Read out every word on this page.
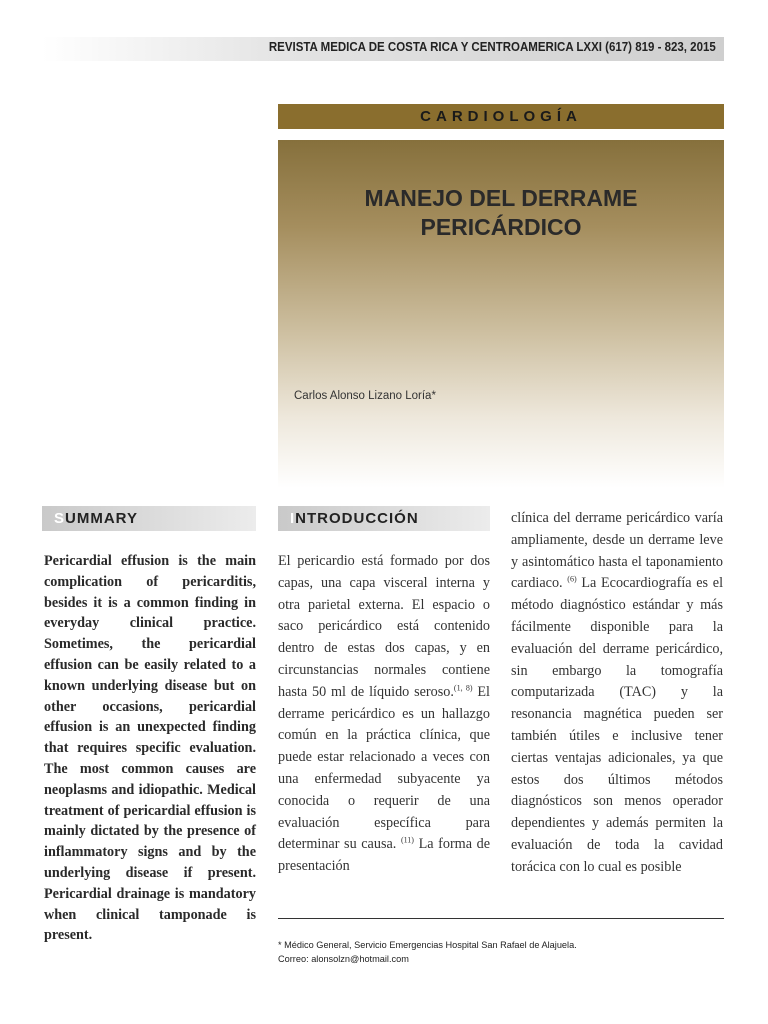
REVISTA MEDICA DE COSTA RICA Y CENTROAMERICA LXXI (617) 819 - 823, 2015
CARDIOLOGÍA
MANEJO DEL DERRAME
PERICÁRDICO
Carlos Alonso Lizano Loría*
SUMMARY
Pericardial effusion is the main complication of pericarditis, besides it is a common finding in everyday clinical practice. Sometimes, the pericardial effusion can be easily related to a known underlying disease but on other occasions, pericardial effusion is an unexpected finding that requires specific evaluation. The most common causes are neoplasms and idiopathic. Medical treatment of pericardial effusion is mainly dictated by the presence of inflammatory signs and by the underlying disease if present. Pericardial drainage is mandatory when clinical tamponade is present.
INTRODUCCIÓN
El pericardio está formado por dos capas, una capa visceral interna y otra parietal externa. El espacio o saco pericárdico está contenido dentro de estas dos capas, y en circunstancias normales contiene hasta 50 ml de líquido seroso.$^{(1, 8)}$ El derrame pericárdico es un hallazgo común en la práctica clínica, que puede estar relacionado a veces con una enfermedad subyacente ya conocida o requerir de una evaluación específica para determinar su causa. $^{(11)}$ La forma de presentación
clínica del derrame pericárdico varía ampliamente, desde un derrame leve y asintomático hasta el taponamiento cardiaco. $^{(6)}$ La Ecocardiografía es el método diagnóstico estándar y más fácilmente disponible para la evaluación del derrame pericárdico, sin embargo la tomografía computarizada (TAC) y la resonancia magnética pueden ser también útiles e inclusive tener ciertas ventajas adicionales, ya que estos dos últimos métodos diagnósticos son menos operador dependientes y además permiten la evaluación de toda la cavidad torácica con lo cual es posible
* Médico General, Servicio Emergencias Hospital San Rafael de Alajuela.
Correo: alonsolzn@hotmail.com
